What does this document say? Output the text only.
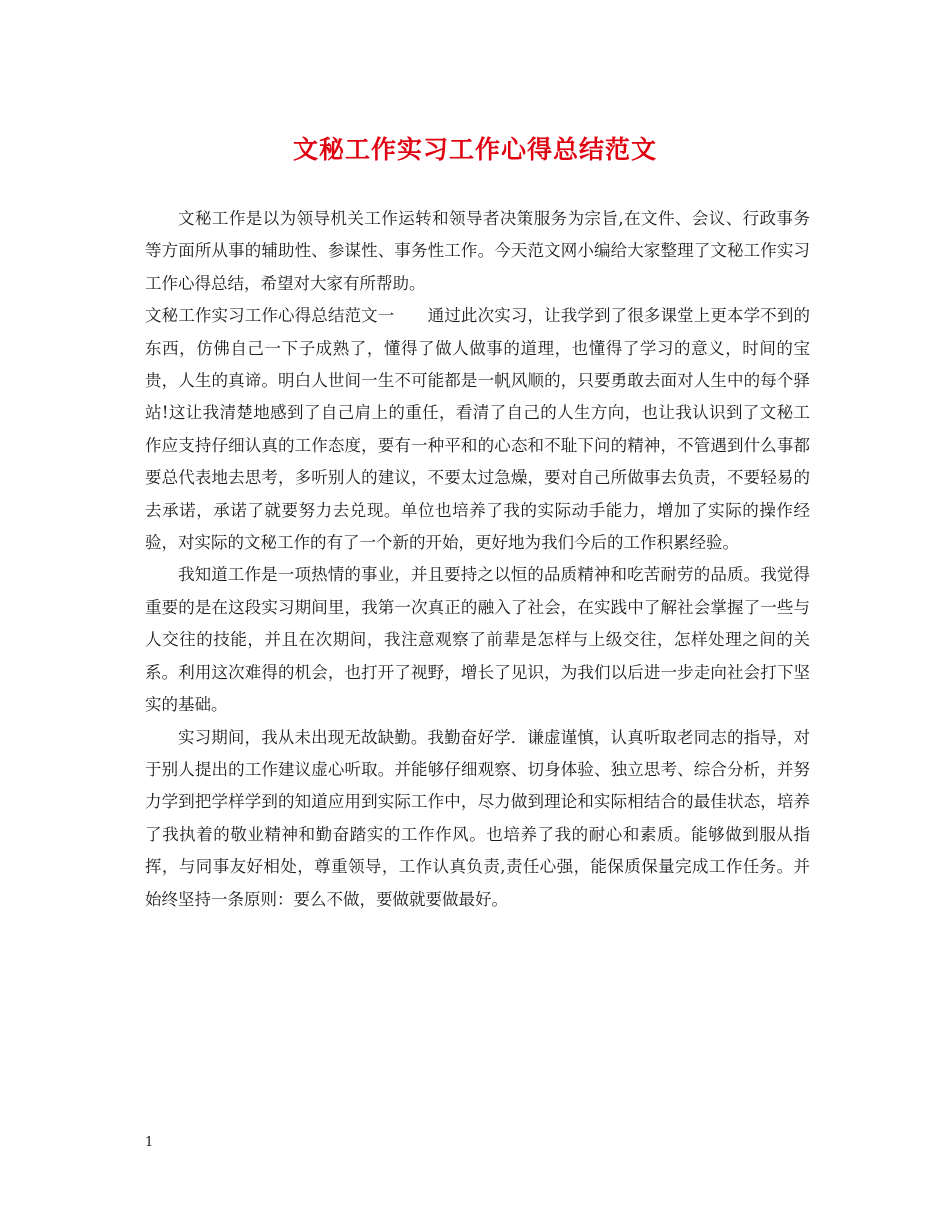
文秘工作实习工作心得总结范文

文秘工作是以为领导机关工作运转和领导者决策服务为宗旨,在文件、会议、行政事务等方面所从事的辅助性、参谋性、事务性工作。今天范文网小编给大家整理了文秘工作实习工作心得总结，希望对大家有所帮助。

文秘工作实习工作心得总结范文一　　通过此次实习，让我学到了很多课堂上更本学不到的东西，仿佛自己一下子成熟了，懂得了做人做事的道理，也懂得了学习的意义，时间的宝贵，人生的真谛。明白人世间一生不可能都是一帆风顺的，只要勇敢去面对人生中的每个驿站!这让我清楚地感到了自己肩上的重任，看清了自己的人生方向，也让我认识到了文秘工作应支持仔细认真的工作态度，要有一种平和的心态和不耻下问的精神，不管遇到什么事都要总代表地去思考，多听别人的建议，不要太过急燥，要对自己所做事去负责，不要轻易的去承诺，承诺了就要努力去兑现。单位也培养了我的实际动手能力，增加了实际的操作经验，对实际的文秘工作的有了一个新的开始，更好地为我们今后的工作积累经验。

我知道工作是一项热情的事业，并且要持之以恒的品质精神和吃苦耐劳的品质。我觉得重要的是在这段实习期间里，我第一次真正的融入了社会，在实践中了解社会掌握了一些与人交往的技能，并且在次期间，我注意观察了前辈是怎样与上级交往，怎样处理之间的关系。利用这次难得的机会，也打开了视野，增长了见识，为我们以后进一步走向社会打下坚实的基础。

实习期间，我从未出现无故缺勤。我勤奋好学．谦虚谨慎，认真听取老同志的指导，对于别人提出的工作建议虚心听取。并能够仔细观察、切身体验、独立思考、综合分析，并努力学到把学样学到的知道应用到实际工作中，尽力做到理论和实际相结合的最佳状态，培养了我执着的敬业精神和勤奋踏实的工作作风。也培养了我的耐心和素质。能够做到服从指挥，与同事友好相处，尊重领导，工作认真负责,责任心强，能保质保量完成工作任务。并始终坚持一条原则：要么不做，要做就要做最好。

1
